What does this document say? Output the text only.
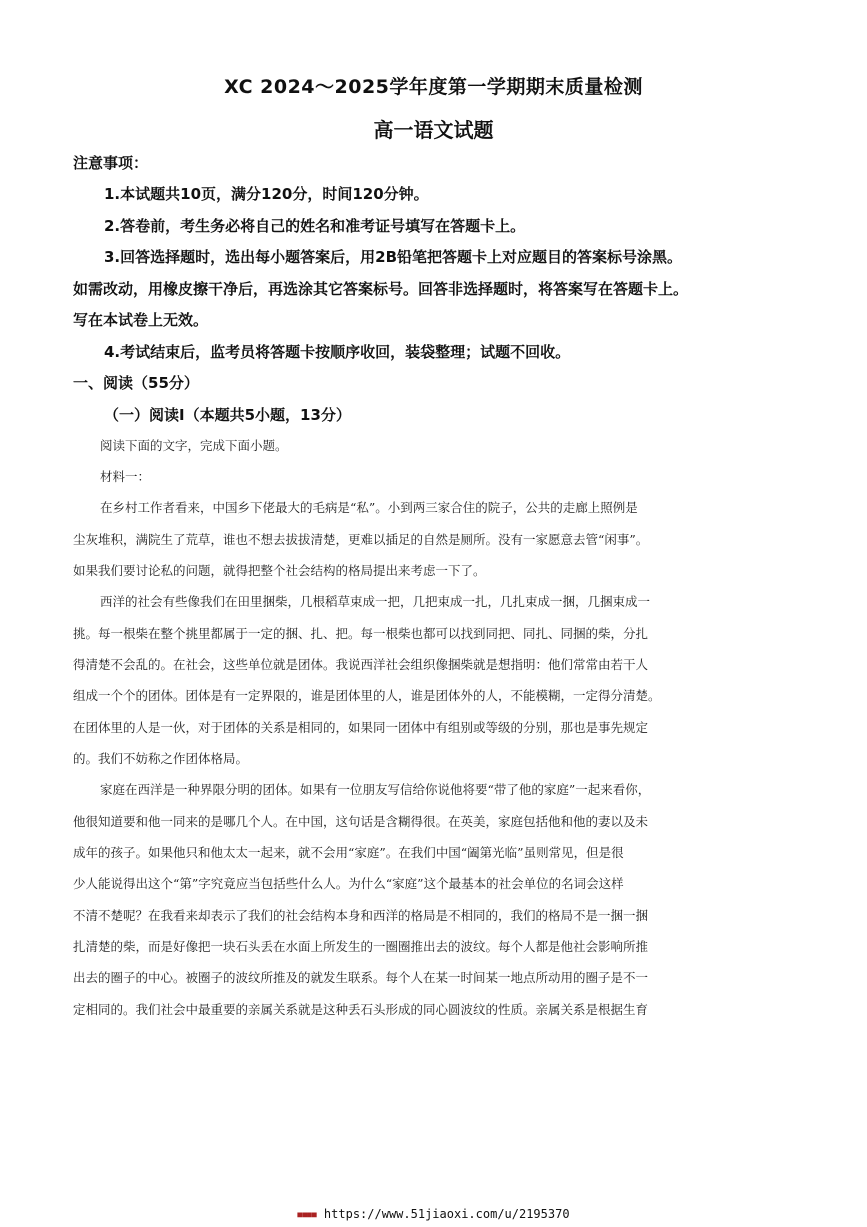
XC 2024～2025学年度第一学期期末质量检测
高一语文试题
注意事项：
1.本试题共10页，满分120分，时间120分钟。
2.答卷前，考生务必将自己的姓名和准考证号填写在答题卡上。
3.回答选择题时，选出每小题答案后，用2B铅笔把答题卡上对应题目的答案标号涂黑。
如需改动，用橡皮擦干净后，再选涂其它答案标号。回答非选择题时，将答案写在答题卡上。
写在本试卷上无效。
4.考试结束后，监考员将答题卡按顺序收回，装袋整理；试题不回收。
一、阅读（55分）
（一）阅读Ⅰ（本题共5小题，13分）
阅读下面的文字，完成下面小题。
材料一：
在乡村工作者看来，中国乡下佬最大的毛病是“私”。小到两三家合住的院子，公共的走廊上照例是
尘灰堆积，满院生了荒草，谁也不想去拔拔清楚，更难以插足的自然是厕所。没有一家愿意去管“闲事”。
如果我们要讨论私的问题，就得把整个社会结构的格局提出来考虑一下了。
西洋的社会有些像我们在田里捆柴，几根稻草束成一把，几把束成一扎，几扎束成一捆，几捆束成一
挑。每一根柴在整个挑里都属于一定的捆、扎、把。每一根柴也都可以找到同把、同扎、同捆的柴，分扎
得清楚不会乱的。在社会，这些单位就是团体。我说西洋社会组织像捆柴就是想指明：他们常常由若干人
组成一个个的团体。团体是有一定界限的，谁是团体里的人，谁是团体外的人，不能模糊，一定得分清楚。
在团体里的人是一伙，对于团体的关系是相同的，如果同一团体中有组别或等级的分别，那也是事先规定
的。我们不妨称之作团体格局。
家庭在西洋是一种界限分明的团体。如果有一位朋友写信给你说他将要“带了他的家庭”一起来看你，
他很知道要和他一同来的是哪几个人。在中国，这句话是含糊得很。在英美，家庭包括他和他的妻以及未
成年的孩子。如果他只和他太太一起来，就不会用“家庭”。在我们中国“阖第光临”虽则常见，但是很
少人能说得出这个“第”字究竟应当包括些什么人。为什么“家庭”这个最基本的社会单位的名词会这样
不清不楚呢？在我看来却表示了我们的社会结构本身和西洋的格局是不相同的，我们的格局不是一捆一捆
扎清楚的柴，而是好像把一块石头丢在水面上所发生的一圈圈推出去的波纹。每个人都是他社会影响所推
出去的圈子的中心。被圈子的波纹所推及的就发生联系。每个人在某一时间某一地点所动用的圈子是不一
定相同的。我们社会中最重要的亲属关系就是这种丢石头形成的同心圆波纹的性质。亲属关系是根据生育
■■■■ https://www.51jiaoxi.com/u/2195370
